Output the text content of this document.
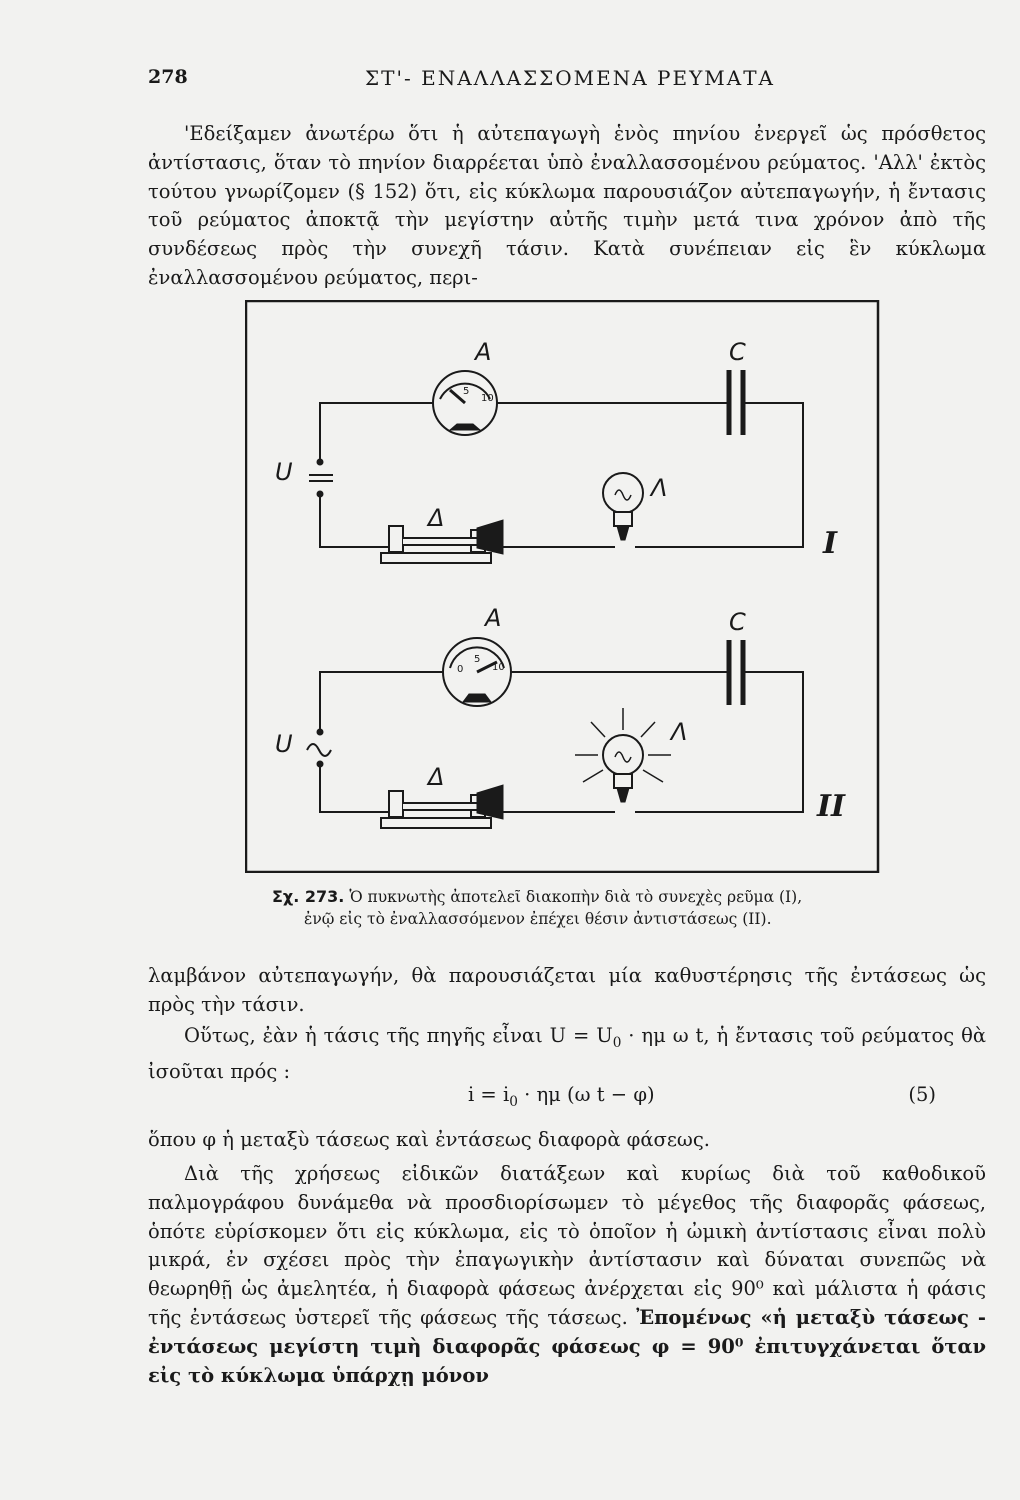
278	ΣΤ'- ΕΝΑΛΛΑΣΣΟΜΕΝΑ ΡΕΥΜΑΤΑ

'Εδείξαμεν ἀνωτέρω ὅτι ἡ αὐτεπαγωγὴ ἑνὸς πηνίου ἐνεργεῖ ὡς πρόσθετος ἀντίστασις, ὅταν τὸ πηνίον διαρρέεται ὑπὸ ἐναλλασσομένου ρεύματος. 'Αλλ' ἐκτὸς τούτου γνωρίζομεν (§ 152) ὅτι, εἰς κύκλωμα παρουσιάζον αὐτεπαγωγήν, ἡ ἔντασις τοῦ ρεύματος ἀποκτᾷ τὴν μεγίστην αὐτῆς τιμὴν μετά τινα χρόνον ἀπὸ τῆς συνδέσεως πρὸς τὴν συνεχῆ τάσιν. Κατὰ συνέπειαν εἰς ἓν κύκλωμα ἐναλλασσομένου ρεύματος, περι-

A	C
U
Λ
Δ
I
5
10
A	C
U	Λ
Δ
II
0
5
10
Σχ. 273. Ὁ πυκνωτὴς ἀποτελεῖ διακοπὴν διὰ τὸ συνεχὲς ρεῦμα (I),
ἐνῷ εἰς τὸ ἐναλλασσόμενον ἐπέχει θέσιν ἀντιστάσεως (II).

λαμβάνον αὐτεπαγωγήν, θὰ παρουσιάζεται μία καθυστέρησις τῆς ἐντάσεως ὡς πρὸς τὴν τάσιν.

Οὕτως, ἐὰν ἡ τάσις τῆς πηγῆς εἶναι $U = U_0 \cdot \eta\mu$ ω t, ἡ ἔντασις τοῦ ρεύματος θὰ ἰσοῦται πρός :

$i = i_0 \cdot \eta\mu$ (ω t − φ)	(5)

ὅπου φ ἡ μεταξὺ τάσεως καὶ ἐντάσεως διαφορὰ φάσεως.

Διὰ τῆς χρήσεως εἰδικῶν διατάξεων καὶ κυρίως διὰ τοῦ καθοδικοῦ παλμογράφου δυνάμεθα νὰ προσδιορίσωμεν τὸ μέγεθος τῆς διαφορᾶς φάσεως, ὁπότε εὑρίσκομεν ὅτι εἰς κύκλωμα, εἰς τὸ ὁποῖον ἡ ὠμικὴ ἀντίστασις εἶναι πολὺ μικρά, ἐν σχέσει πρὸς τὴν ἐπαγωγικὴν ἀντίστασιν καὶ δύναται συνεπῶς νὰ θεωρηθῇ ὡς ἀμελητέα, ἡ διαφορὰ φάσεως ἀνέρχεται εἰς 90⁰ καὶ μάλιστα ἡ φάσις τῆς ἐντάσεως ὑστερεῖ τῆς φάσεως τῆς τάσεως. Ἐπομένως «ἡ μεταξὺ τάσεως - ἐντάσεως μεγίστη τιμὴ διαφορᾶς φάσεως φ = 90⁰ ἐπιτυγχάνεται ὅταν εἰς τὸ κύκλωμα ὑπάρχῃ μόνον
